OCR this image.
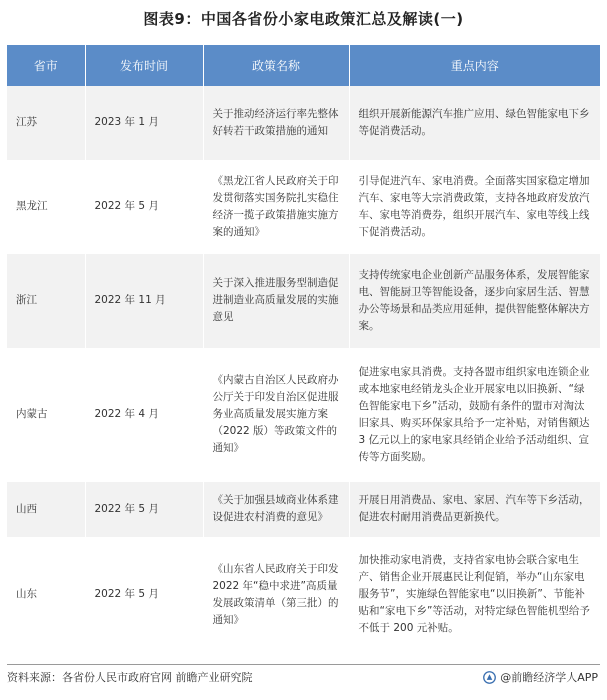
图表9：中国各省份小家电政策汇总及解读(一)
省市	发布时间	政策名称	重点内容
江苏	2023 年 1 月	关于推动经济运行率先整体好转若干政策措施的通知	组织开展新能源汽车推广应用、绿色智能家电下乡等促消费活动。
黑龙江	2022 年 5 月	《黑龙江省人民政府关于印发贯彻落实国务院扎实稳住经济一揽子政策措施实施方案的通知》	引导促进汽车、家电消费。全面落实国家稳定增加汽车、家电等大宗消费政策，支持各地政府发放汽车、家电等消费券，组织开展汽车、家电等线上线下促消费活动。
浙江	2022 年 11 月	关于深入推进服务型制造促进制造业高质量发展的实施意见	支持传统家电企业创新产品服务体系，发展智能家电、智能厨卫等智能设备，逐步向家居生活、智慧办公等场景和品类应用延伸，提供智能整体解决方案。
内蒙古	2022 年 4 月	《内蒙古自治区人民政府办公厅关于印发自治区促进服务业高质量发展实施方案（2022 版）等政策文件的通知》	促进家电家具消费。支持各盟市组织家电连锁企业或本地家电经销龙头企业开展家电以旧换新、“绿色智能家电下乡”活动，鼓励有条件的盟市对淘汰旧家具、购买环保家具给予一定补贴，对销售额达 3 亿元以上的家电家具经销企业给予活动组织、宣传等方面奖励。
山西	2022 年 5 月	《关于加强县域商业体系建设促进农村消费的意见》	开展日用消费品、家电、家居、汽车等下乡活动，促进农村耐用消费品更新换代。
山东	2022 年 5 月	《山东省人民政府关于印发 2022 年“稳中求进”高质量发展政策清单（第三批）的通知》	加快推动家电消费，支持省家电协会联合家电生产、销售企业开展惠民让利促销，举办“山东家电服务节”，实施绿色智能家电“以旧换新”、节能补贴和“家电下乡”等活动，对特定绿色智能机型给予不低于 200 元补贴。
资料来源：各省份人民市政府官网 前瞻产业研究院	@前瞻经济学人APP
